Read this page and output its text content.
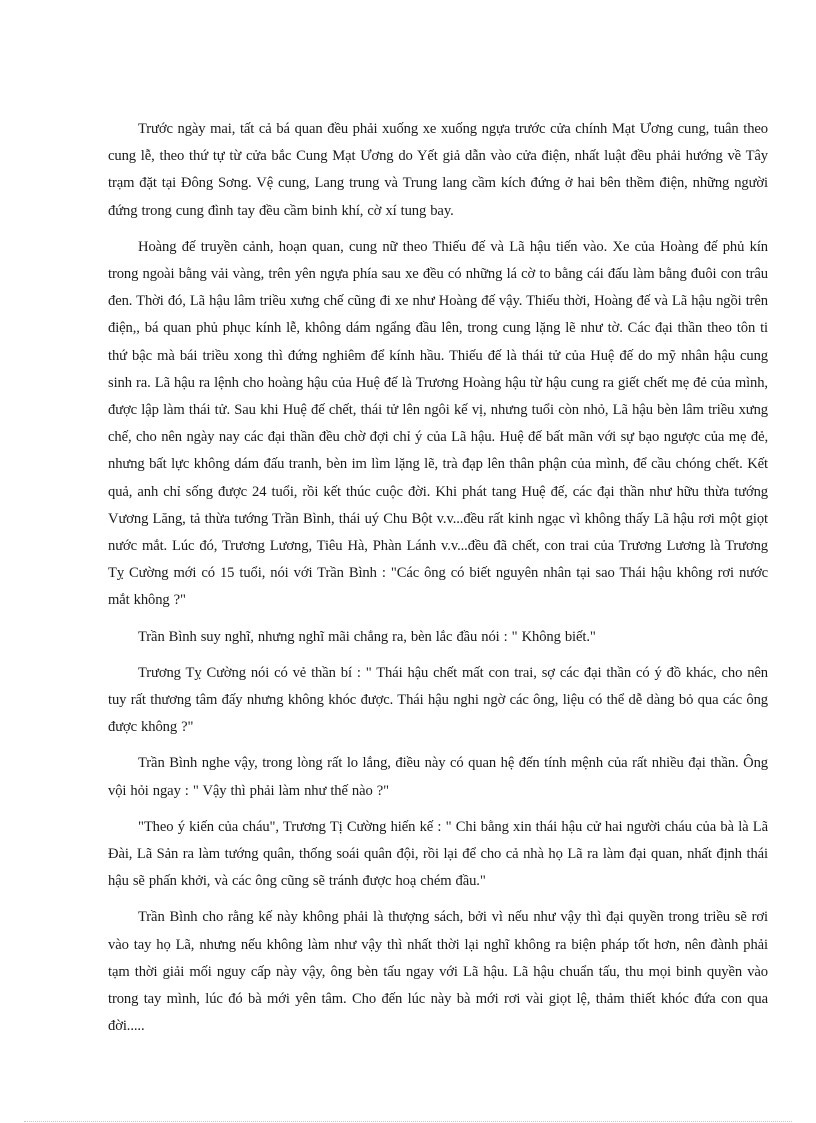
Trước ngày mai, tất cả bá quan đều phải xuống xe xuống ngựa trước cửa chính Mạt Ương cung, tuân theo cung lễ, theo thứ tự từ cửa bắc Cung Mạt Ương do Yết giả dẫn vào cửa điện, nhất luật đều phải hướng về Tây trạm đặt tại Đông Sơng. Vệ cung, Lang trung và Trung lang cầm kích đứng ở hai bên thềm điện, những người đứng trong cung đình tay đều cầm binh khí, cờ xí tung bay.

Hoàng đế truyền cảnh, hoạn quan, cung nữ theo Thiếu đế và Lã hậu tiến vào. Xe của Hoàng đế phủ kín trong ngoài bằng vải vàng, trên yên ngựa phía sau xe đều có những lá cờ to bằng cái đấu làm bằng đuôi con trâu đen. Thời đó, Lã hậu lâm triều xưng chế cũng đi xe như Hoàng đế vậy. Thiếu thời, Hoàng đế và Lã hậu ngồi trên điện,, bá quan phủ phục kính lễ, không dám ngẩng đầu lên, trong cung lặng lẽ như tờ. Các đại thần theo tôn ti thứ bậc mà bái triều xong thì đứng nghiêm để kính hầu. Thiếu đế là thái tử của Huệ đế do mỹ nhân hậu cung sinh ra. Lã hậu ra lệnh cho hoàng hậu của Huệ đế là Trương Hoàng hậu từ hậu cung ra giết chết mẹ đẻ của mình, được lập làm thái tử. Sau khi Huệ đế chết, thái tử lên ngôi kế vị, nhưng tuổi còn nhỏ, Lã hậu bèn lâm triều xưng chế, cho nên ngày nay các đại thần đều chờ đợi chỉ ý của Lã hậu. Huệ đế bất mãn với sự bạo ngược của mẹ đẻ, nhưng bất lực không dám đấu tranh, bèn im lìm lặng lẽ, trà đạp lên thân phận của mình, để cầu chóng chết. Kết quả, anh chỉ sống được 24 tuổi, rồi kết thúc cuộc đời. Khi phát tang Huệ đế, các đại thần như hữu thừa tướng Vương Lăng, tả thừa tướng Trần Bình, thái uý Chu Bột v.v...đều rất kinh ngạc vì không thấy Lã hậu rơi một giọt nước mắt. Lúc đó, Trương Lương, Tiêu Hà, Phàn Lánh v.v...đều đã chết, con trai của Trương Lương là Trương Tỵ Cường mới có 15 tuổi, nói với Trần Bình : "Các ông có biết nguyên nhân tại sao Thái hậu không rơi nước mắt không ?"

Trần Bình suy nghĩ, nhưng nghĩ mãi chẳng ra, bèn lắc đầu nói : " Không biết."

Trương Tỵ Cường nói có vẻ thần bí : " Thái hậu chết mất con trai, sợ các đại thần có ý đồ khác, cho nên tuy rất thương tâm đấy nhưng không khóc được. Thái hậu nghi ngờ các ông, liệu có thể dễ dàng bỏ qua các ông được không ?"

Trần Bình nghe vậy, trong lòng rất lo lắng, điều này có quan hệ đến tính mệnh của rất nhiều đại thần. Ông vội hỏi ngay : " Vậy thì phải làm như thế nào ?"

"Theo ý kiến của cháu", Trương Tị Cường hiến kế : " Chi bằng xin thái hậu cử hai người cháu của bà là Lã Đài, Lã Sản ra làm tướng quân, thống soái quân đội, rồi lại để cho cả nhà họ Lã ra làm đại quan, nhất định thái hậu sẽ phấn khởi, và các ông cũng sẽ tránh được hoạ chém đầu."

Trần Bình cho rằng kế này không phải là thượng sách, bởi vì nếu như vậy thì đại quyền trong triều sẽ rơi vào tay họ Lã, nhưng nếu không làm như vậy thì nhất thời lại nghĩ không ra biện pháp tốt hơn, nên đành phải tạm thời giải mối nguy cấp này vậy, ông bèn tấu ngay với Lã hậu. Lã hậu chuẩn tấu, thu mọi binh quyền vào trong tay mình, lúc đó bà mới yên tâm. Cho đến lúc này bà mới rơi vài giọt lệ, thảm thiết khóc đứa con qua đời.....
